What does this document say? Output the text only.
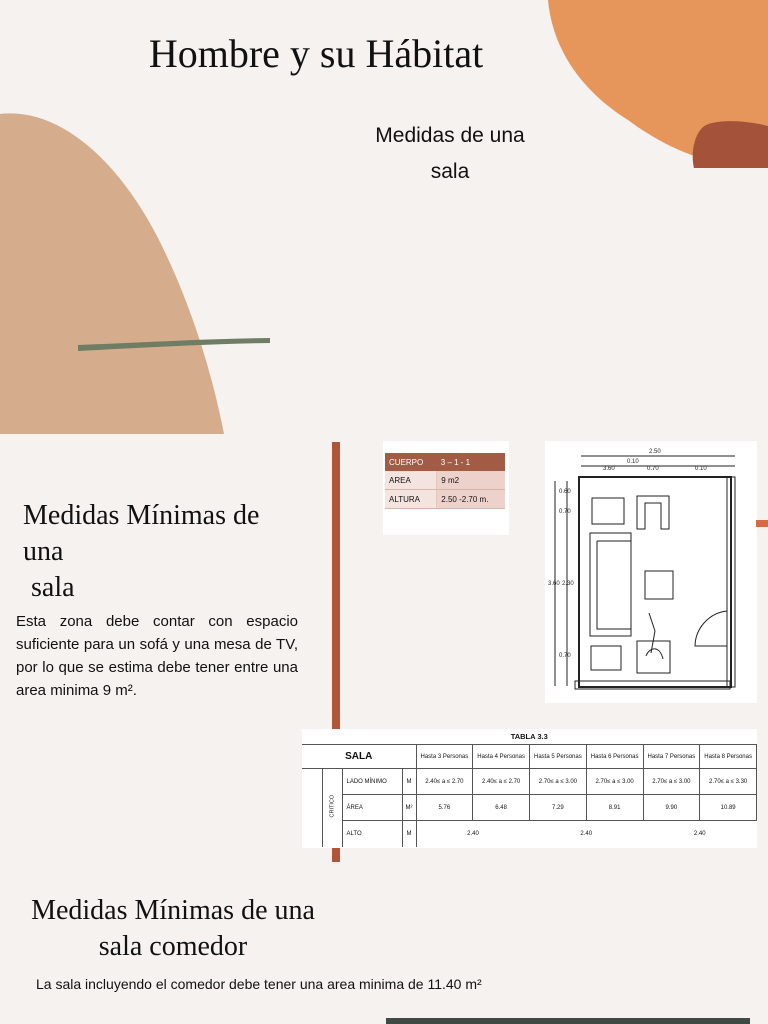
Hombre y su Hábitat
Medidas de una
sala
Medidas Mínimas de
una
sala
Esta zona debe contar con espacio suficiente para un sofá y una mesa de TV, por lo que se estima debe tener entre una area minima 9 m².
CUERPO	3 – 1 - 1
AREA	9 m2
ALTURA	2.50 -2.70 m.
2.50
3.60
0.10
0.70	0.10
0.60
0.70
3.60 2.30
0.70
TABLA 3.3									
SALA				Hasta 3 Personas	Hasta 4 Personas	Hasta 5 Personas	Hasta 6 Personas	Hasta 7 Personas	Hasta 8 Personas

	CRITICO	LADO MÍNIMO	M	2.40≤ a ≤ 2.70	2.40≤ a ≤ 2.70	2.70≤ a ≤ 3.00	2.70≤ a ≤ 3.00	2.70≤ a ≤ 3.00	2.70≤ a ≤ 3.30
		ÁREA	M²	5.76	6.48	7.29	8.91	9.90	10.89
		ALTO	M	2.40		2.40		2.40	
Medidas Mínimas de una
sala comedor
La sala incluyendo el comedor debe tener una area minima de 11.40 m²
